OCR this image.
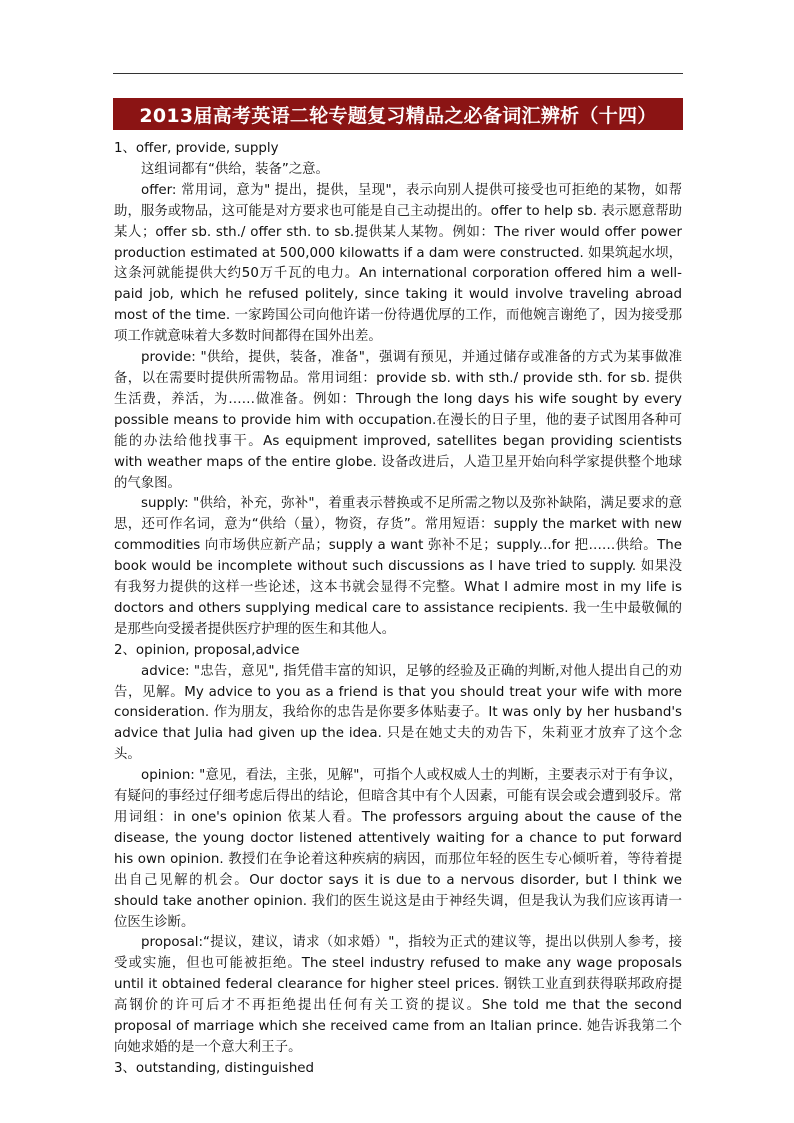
2013届高考英语二轮专题复习精品之必备词汇辨析（十四）

1、offer, provide, supply

这组词都有“供给，装备”之意。

offer: 常用词，意为" 提出，提供，呈现"，表示向别人提供可接受也可拒绝的某物，如帮助，服务或物品，这可能是对方要求也可能是自己主动提出的。offer to help sb. 表示愿意帮助某人；offer sb. sth./ offer sth. to sb.提供某人某物。例如：The river would offer power production estimated at 500,000 kilowatts if a dam were constructed. 如果筑起水坝，这条河就能提供大约50万千瓦的电力。An international corporation offered him a well-paid job, which he refused politely, since taking it would involve traveling abroad most of the time. 一家跨国公司向他许诺一份待遇优厚的工作，而他婉言谢绝了，因为接受那项工作就意味着大多数时间都得在国外出差。

provide: "供给，提供，装备，准备"，强调有预见，并通过储存或准备的方式为某事做准备，以在需要时提供所需物品。常用词组：provide sb. with sth./ provide sth. for sb. 提供生活费，养活，为……做准备。例如：Through the long days his wife sought by every possible means to provide him with occupation.在漫长的日子里，他的妻子试图用各种可能的办法给他找事干。As equipment improved, satellites began providing scientists with weather maps of the entire globe. 设备改进后，人造卫星开始向科学家提供整个地球的气象图。

supply: "供给，补充，弥补"，着重表示替换或不足所需之物以及弥补缺陷，满足要求的意思，还可作名词，意为“供给（量），物资，存货”。常用短语：supply the market with new commodities 向市场供应新产品；supply a want 弥补不足；supply...for 把……供给。The book would be incomplete without such discussions as I have tried to supply. 如果没有我努力提供的这样一些论述，这本书就会显得不完整。What I admire most in my life is doctors and others supplying medical care to assistance recipients. 我一生中最敬佩的是那些向受援者提供医疗护理的医生和其他人。

2、opinion, proposal,advice

advice: "忠告，意见", 指凭借丰富的知识，足够的经验及正确的判断,对他人提出自己的劝告，见解。My advice to you as a friend is that you should treat your wife with more consideration. 作为朋友，我给你的忠告是你要多体贴妻子。It was only by her husband's advice that Julia had given up the idea. 只是在她丈夫的劝告下，朱莉亚才放弃了这个念头。

opinion: "意见，看法，主张，见解"，可指个人或权威人士的判断，主要表示对于有争议，有疑问的事经过仔细考虑后得出的结论，但暗含其中有个人因素，可能有误会或会遭到驳斥。常用词组：in one's opinion 依某人看。The professors arguing about the cause of the disease, the young doctor listened attentively waiting for a chance to put forward his own opinion. 教授们在争论着这种疾病的病因，而那位年轻的医生专心倾听着，等待着提出自己见解的机会。Our doctor says it is due to a nervous disorder, but I think we should take another opinion. 我们的医生说这是由于神经失调，但是我认为我们应该再请一位医生诊断。

proposal:“提议，建议，请求（如求婚）"，指较为正式的建议等，提出以供别人参考，接受或实施，但也可能被拒绝。The steel industry refused to make any wage proposals until it obtained federal clearance for higher steel prices. 钢铁工业直到获得联邦政府提高钢价的许可后才不再拒绝提出任何有关工资的提议。She told me that the second proposal of marriage which she received came from an Italian prince. 她告诉我第二个向她求婚的是一个意大利王子。

3、outstanding, distinguished
